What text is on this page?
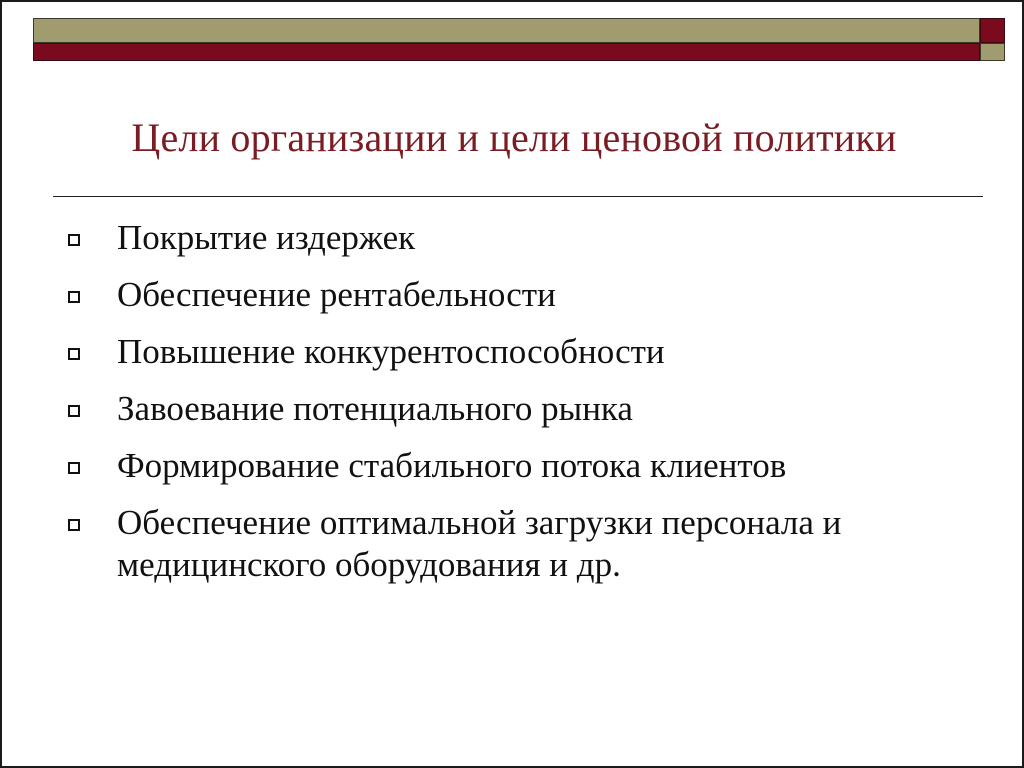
Цели организации и цели ценовой политики
Покрытие издержек
Обеспечение рентабельности
Повышение конкурентоспособности
Завоевание потенциального рынка
Формирование стабильного потока клиентов
Обеспечение оптимальной загрузки персонала и медицинского оборудования и др.
